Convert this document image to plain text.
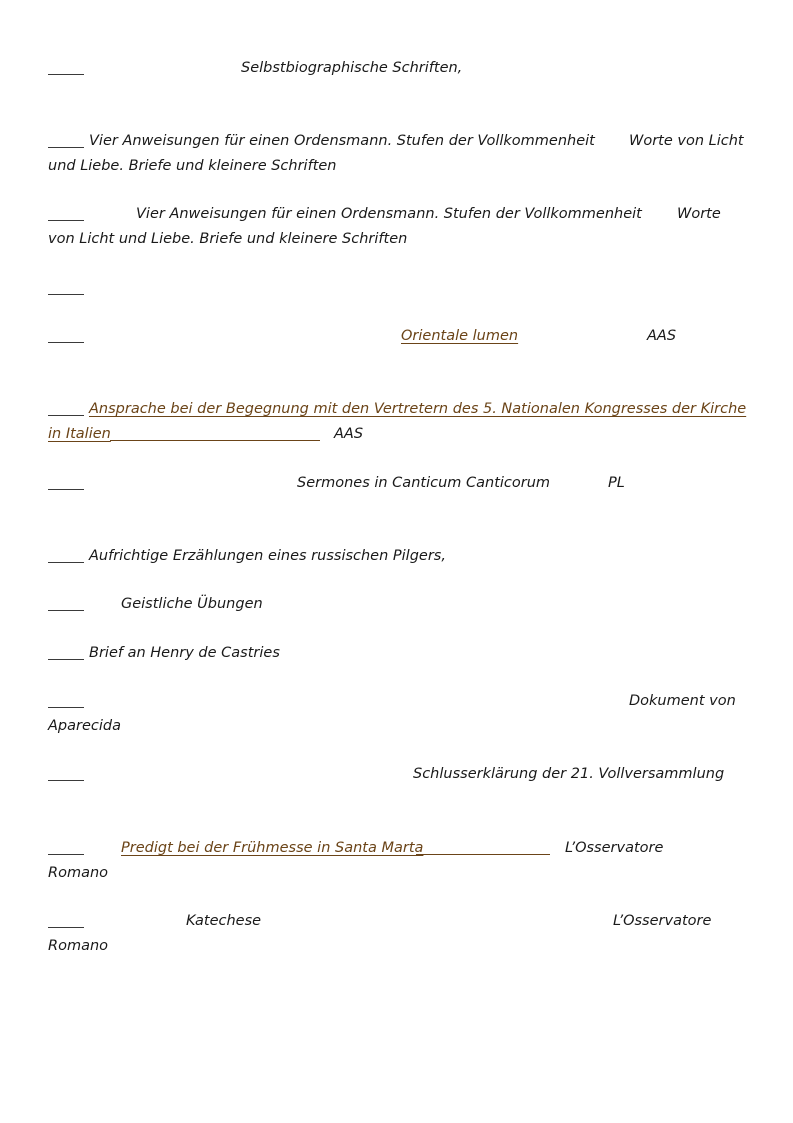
Selbstbiographische Schriften,
Vier Anweisungen für einen Ordensmann. Stufen der Vollkommenheit Worte von Licht
und Liebe. Briefe und kleinere Schriften
Vier Anweisungen für einen Ordensmann. Stufen der Vollkommenheit Worte
von Licht und Liebe. Briefe und kleinere Schriften
Orientale lumen	AAS
Ansprache bei der Begegnung mit den Vertretern des 5. Nationalen Kongresses der Kirche
in Italien	AAS
Sermones in Canticum Canticorum	PL
Aufrichtige Erzählungen eines russischen Pilgers,
Geistliche Übungen
Brief an Henry de Castries
Dokument von
Aparecida
Schlusserklärung der 21. Vollversammlung
Predigt bei der Frühmesse in Santa Marta	L’Osservatore
Romano
Katechese	L’Osservatore
Romano
